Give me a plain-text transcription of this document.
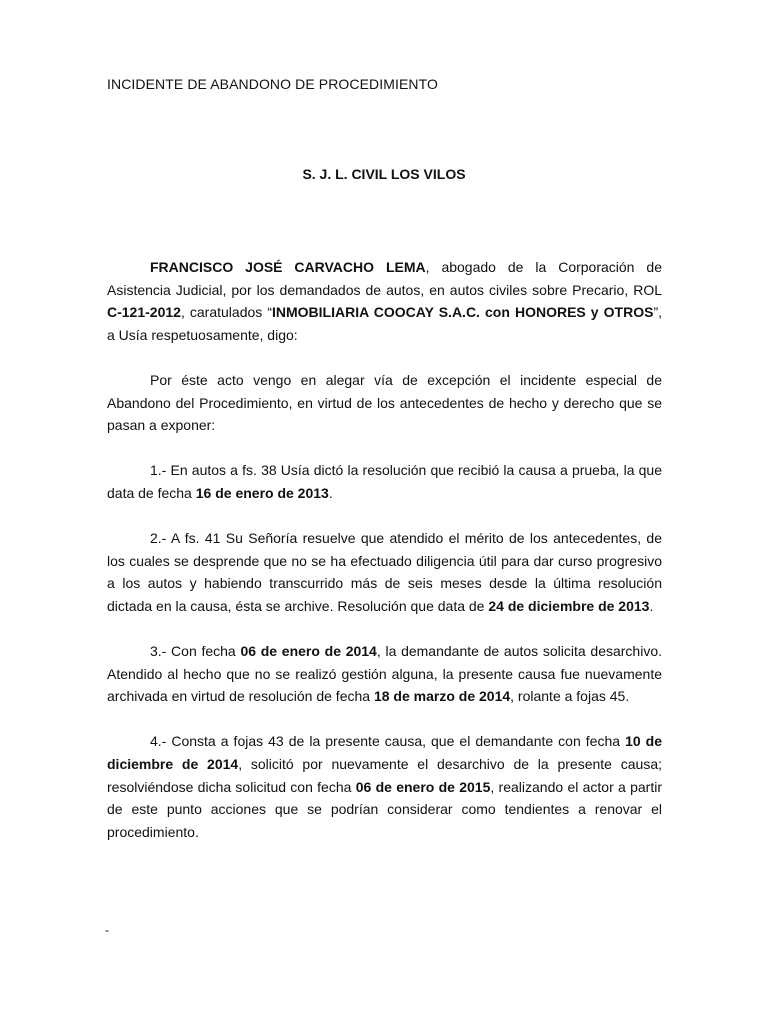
INCIDENTE DE ABANDONO DE PROCEDIMIENTO
S. J. L. CIVIL LOS VILOS

FRANCISCO JOSÉ CARVACHO LEMA, abogado de la Corporación de Asistencia Judicial, por los demandados de autos, en autos civiles sobre Precario, ROL C-121-2012, caratulados “INMOBILIARIA COOCAY S.A.C. con HONORES y OTROS”, a Usía respetuosamente, digo:

Por éste acto vengo en alegar vía de excepción el incidente especial de Abandono del Procedimiento, en virtud de los antecedentes de hecho y derecho que se pasan a exponer:

1.- En autos a fs. 38 Usía dictó la resolución que recibió la causa a prueba, la que data de fecha 16 de enero de 2013.

2.- A fs. 41 Su Señoría resuelve que atendido el mérito de los antecedentes, de los cuales se desprende que no se ha efectuado diligencia útil para dar curso progresivo a los autos y habiendo transcurrido más de seis meses desde la última resolución dictada en la causa, ésta se archive. Resolución que data de 24 de diciembre de 2013.

3.- Con fecha 06 de enero de 2014, la demandante de autos solicita desarchivo. Atendido al hecho que no se realizó gestión alguna, la presente causa fue nuevamente archivada en virtud de resolución de fecha 18 de marzo de 2014, rolante a fojas 45.

4.- Consta a fojas 43 de la presente causa, que el demandante con fecha 10 de diciembre de 2014, solicitó por nuevamente el desarchivo de la presente causa; resolviéndose dicha solicitud con fecha 06 de enero de 2015, realizando el actor a partir de este punto acciones que se podrían considerar como tendientes a renovar el procedimiento.

-
